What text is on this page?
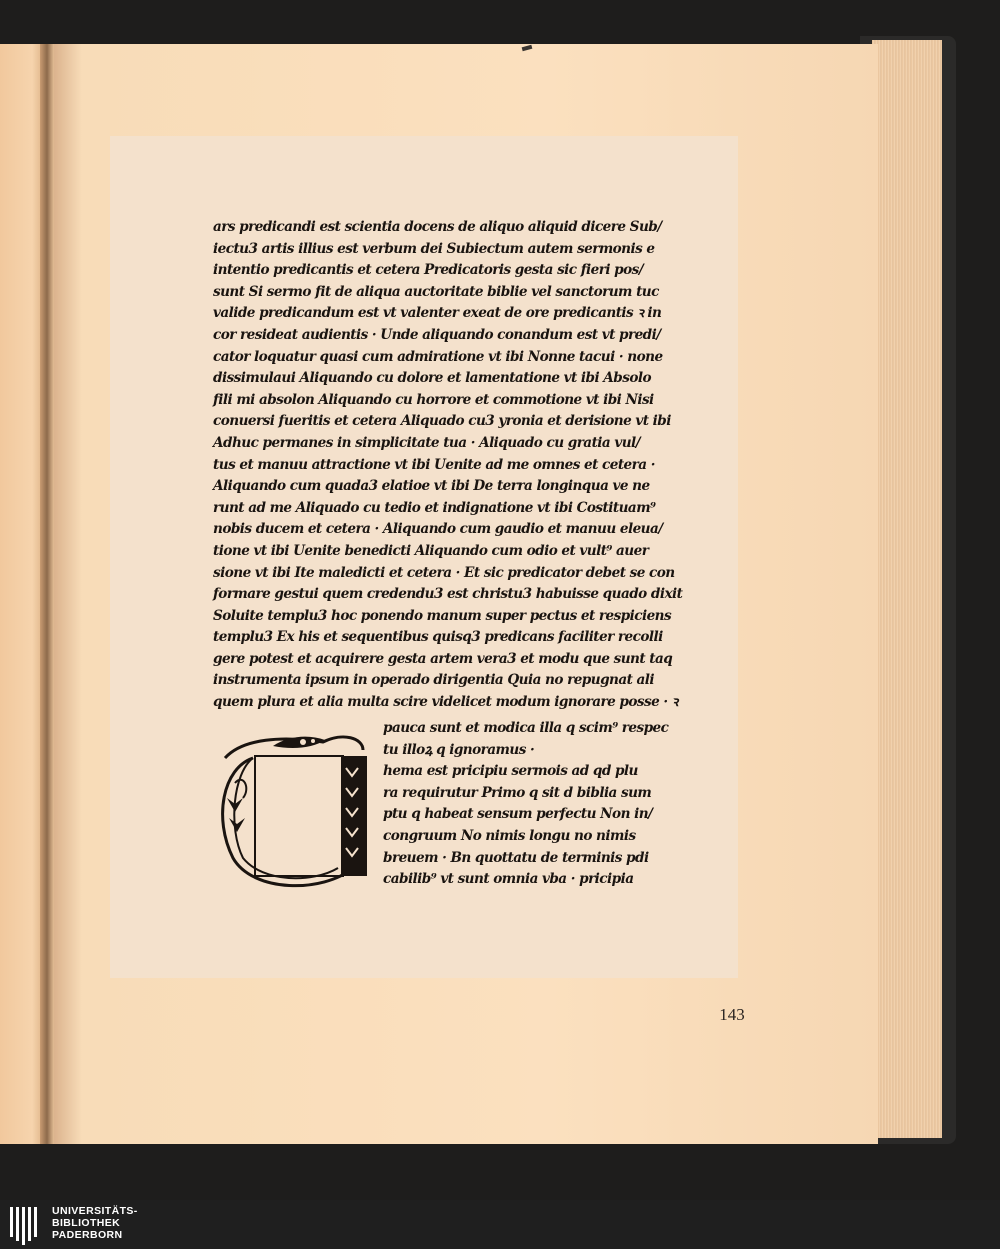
ars predicandi est scientia docens de aliquo aliquid dicere Sub/
iectu3 artis illius est verbum dei Subiectum autem sermonis e
intentio predicantis et cetera Predicatoris gesta sic fieri pos/
sunt Si sermo fit de aliqua auctoritate biblie vel sanctorum tuc
valide predicandum est vt valenter exeat de ore predicantis ꝛ in
cor resideat audientis · Unde aliquando conandum est vt predi/
cator loquatur quasi cum admiratione vt ibi Nonne tacui · none
dissimulaui Aliquando cu dolore et lamentatione vt ibi Absolo
fili mi absolon Aliquando cu horrore et commotione vt ibi Nisi
conuersi fueritis et cetera Aliquado cu3 yronia et derisione vt ibi
Adhuc permanes in simplicitate tua · Aliquado cu gratia vul/
tus et manuu attractione vt ibi Uenite ad me omnes et cetera ·
Aliquando cum quada3 elatioe vt ibi De terra longinqua ve ne
runt ad me Aliquado cu tedio et indignatione vt ibi Costituam⁹
nobis ducem et cetera · Aliquando cum gaudio et manuu eleua/
tione vt ibi Uenite benedicti Aliquando cum odio et vult⁹ auer
sione vt ibi Ite maledicti et cetera · Et sic predicator debet se con
formare gestui quem credendu3 est christu3 habuisse quado dixit
Soluite templu3 hoc ponendo manum super pectus et respiciens
templu3 Ex his et sequentibus quisq3 predicans faciliter recolli
gere potest et acquirere gesta artem vera3 et modu que sunt taq
instrumenta ipsum in operado dirigentia Quia no repugnat ali
quem plura et alia multa scire videlicet modum ignorare posse · ꝛ
pauca sunt et modica illa q scim⁹ respec
tu illoꝝ q ignoramus ·
hema est pricipiu sermois ad qd plu
ra requirutur Primo q sit d biblia sum
ptu q habeat sensum perfectu Non in/
congruum No nimis longu no nimis
breuem · Bn quottatu de terminis pdi
cabilib⁹ vt sunt omnia vba · pricipia
143
UNIVERSITÄTS-
BIBLIOTHEK
PADERBORN
